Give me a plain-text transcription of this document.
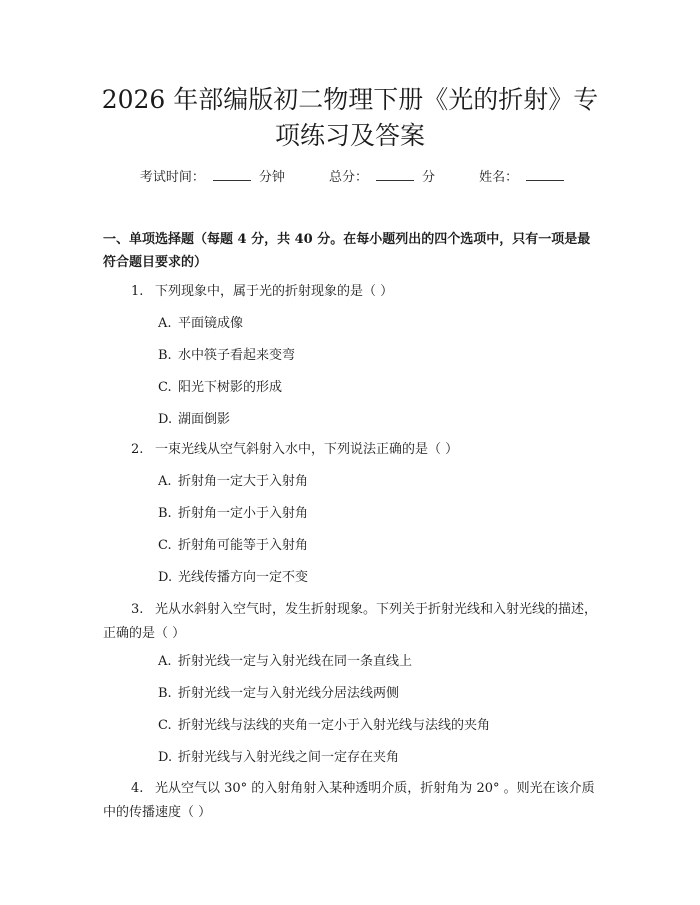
2026 年部编版初二物理下册《光的折射》专
项练习及答案
考试时间：	分钟	总分：	分	姓名：
一、单项选择题（每题 4 分，共 40 分。在每小题列出的四个选项中，只有一项是最符合题目要求的）
1. 下列现象中，属于光的折射现象的是（ ）
A. 平面镜成像
B. 水中筷子看起来变弯
C. 阳光下树影的形成
D. 湖面倒影
2. 一束光线从空气斜射入水中，下列说法正确的是（ ）
A. 折射角一定大于入射角
B. 折射角一定小于入射角
C. 折射角可能等于入射角
D. 光线传播方向一定不变
3. 光从水斜射入空气时，发生折射现象。下列关于折射光线和入射光线的描述，正确的是（ ）
A. 折射光线一定与入射光线在同一条直线上
B. 折射光线一定与入射光线分居法线两侧
C. 折射光线与法线的夹角一定小于入射光线与法线的夹角
D. 折射光线与入射光线之间一定存在夹角
4. 光从空气以 30° 的入射角射入某种透明介质，折射角为 20° 。则光在该介质中的传播速度（ ）
